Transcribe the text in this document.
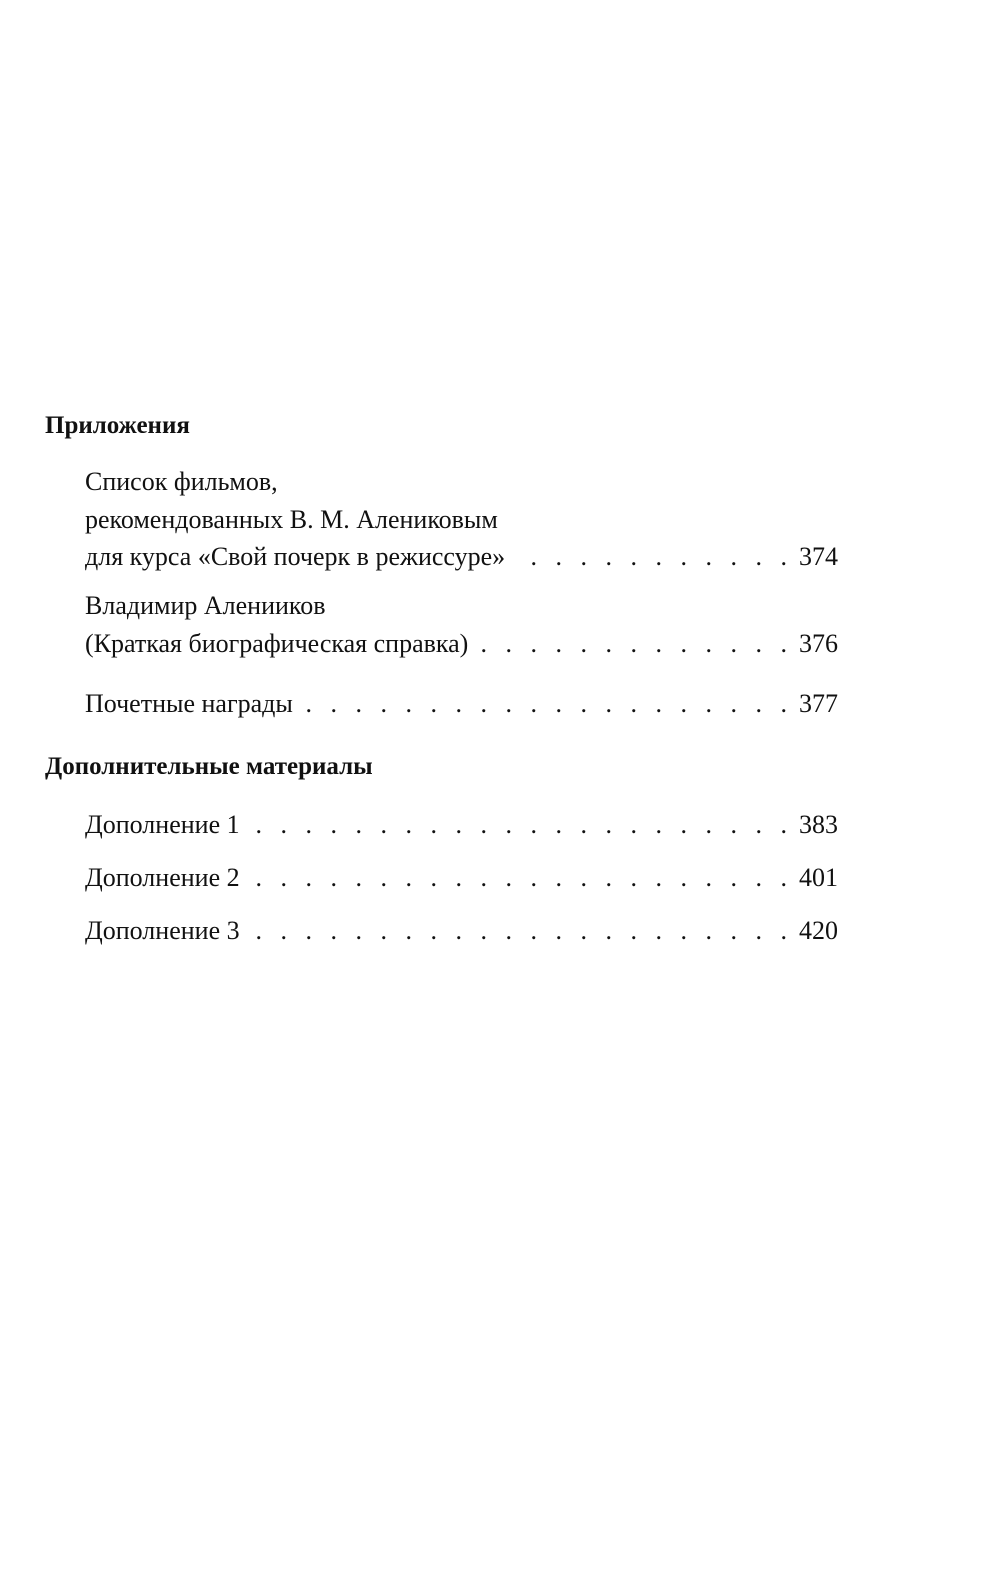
Приложения
Список фильмов,
рекомендованных В. М. Алениковым
для курса «Свой почерк в режиссуре» . . .	374
Владимир Аленииков
(Краткая биографическая справка) . . .	376
Почетные награды . . .	377
Дополнительные материалы
Дополнение 1 . . .	383
Дополнение 2 . . .	401
Дополнение 3 . . .	420
